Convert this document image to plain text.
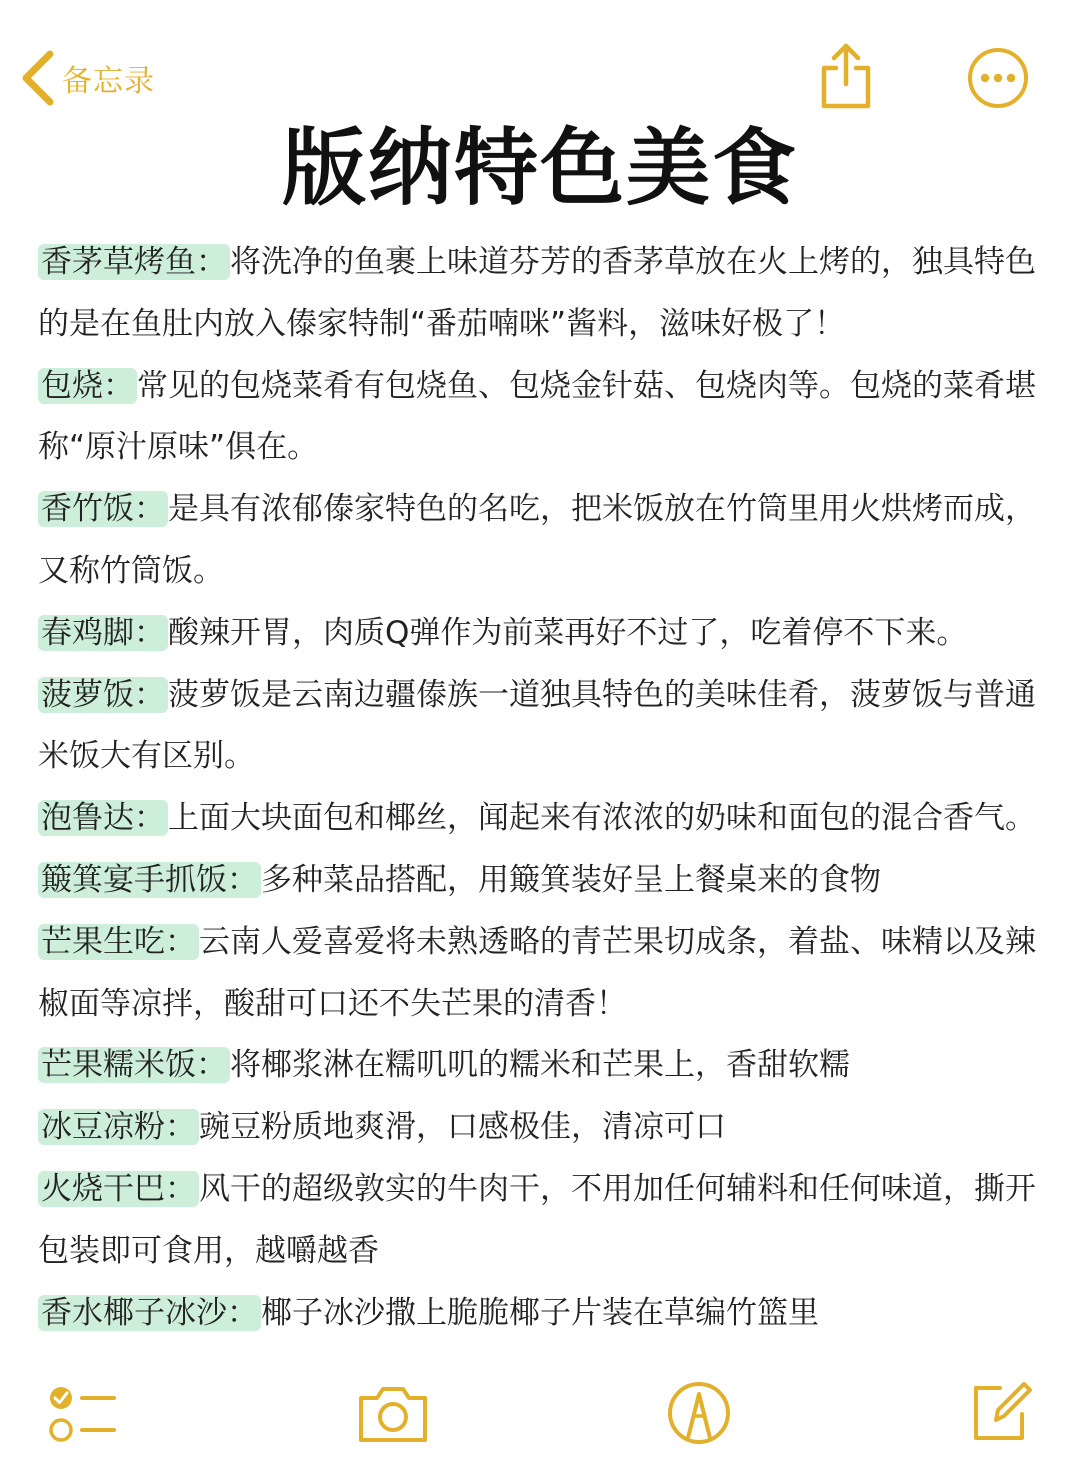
备忘录
版纳特色美食

香茅草烤鱼：将洗净的鱼裹上味道芬芳的香茅草放在火上烤的，独具特色的是在鱼肚内放入傣家特制“番茄喃咪”酱料，滋味好极了！

包烧：常见的包烧菜肴有包烧鱼、包烧金针菇、包烧肉等。包烧的菜肴堪称“原汁原味”俱在。

香竹饭：是具有浓郁傣家特色的名吃，把米饭放在竹筒里用火烘烤而成，又称竹筒饭。

春鸡脚：酸辣开胃，肉质Q弹作为前菜再好不过了，吃着停不下来。

菠萝饭：菠萝饭是云南边疆傣族一道独具特色的美味佳肴，菠萝饭与普通米饭大有区别。

泡鲁达：上面大块面包和椰丝，闻起来有浓浓的奶味和面包的混合香气。

簸箕宴手抓饭：多种菜品搭配，用簸箕装好呈上餐桌来的食物

芒果生吃：云南人爱喜爱将未熟透略的青芒果切成条，着盐、味精以及辣椒面等凉拌，酸甜可口还不失芒果的清香！

芒果糯米饭：将椰浆淋在糯叽叽的糯米和芒果上，香甜软糯

冰豆凉粉：豌豆粉质地爽滑，口感极佳，清凉可口

火烧干巴：风干的超级敦实的牛肉干，不用加任何辅料和任何味道，撕开包装即可食用，越嚼越香

香水椰子冰沙：椰子冰沙撒上脆脆椰子片装在草编竹篮里
